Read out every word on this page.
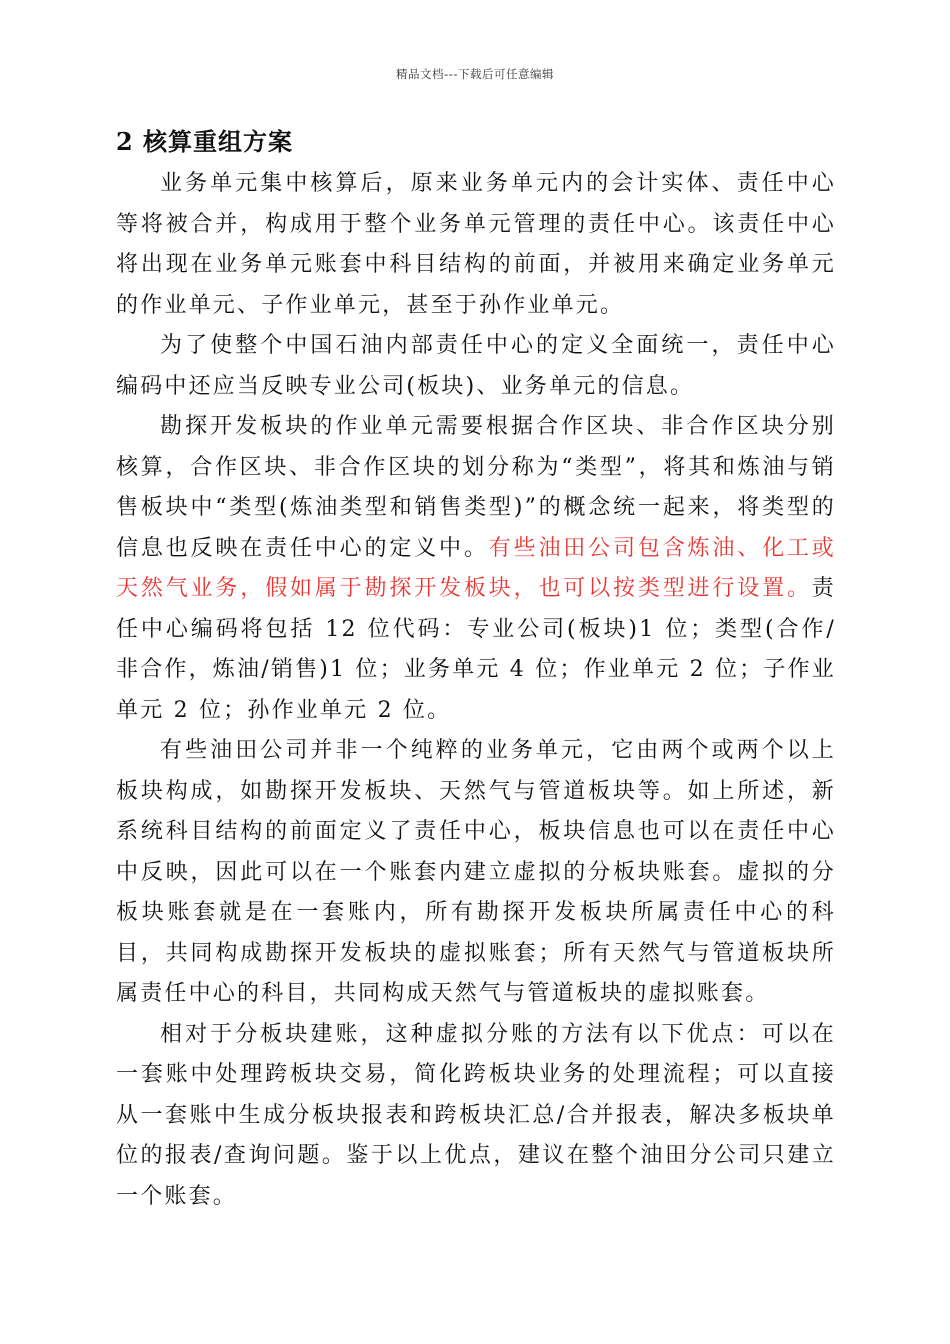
精品文档---下载后可任意编辑
2 核算重组方案

业务单元集中核算后，原来业务单元内的会计实体、责任中心等将被合并，构成用于整个业务单元管理的责任中心。该责任中心将出现在业务单元账套中科目结构的前面，并被用来确定业务单元的作业单元、子作业单元，甚至于孙作业单元。

为了使整个中国石油内部责任中心的定义全面统一，责任中心编码中还应当反映专业公司(板块)、业务单元的信息。

勘探开发板块的作业单元需要根据合作区块、非合作区块分别核算，合作区块、非合作区块的划分称为“类型”，将其和炼油与销售板块中“类型(炼油类型和销售类型)”的概念统一起来，将类型的信息也反映在责任中心的定义中。有些油田公司包含炼油、化工或天然气业务，假如属于勘探开发板块，也可以按类型进行设置。责任中心编码将包括 12 位代码：专业公司(板块)1 位；类型(合作/非合作，炼油/销售)1 位；业务单元 4 位；作业单元 2 位；子作业单元 2 位；孙作业单元 2 位。

有些油田公司并非一个纯粹的业务单元，它由两个或两个以上板块构成，如勘探开发板块、天然气与管道板块等。如上所述，新系统科目结构的前面定义了责任中心，板块信息也可以在责任中心中反映，因此可以在一个账套内建立虚拟的分板块账套。虚拟的分板块账套就是在一套账内，所有勘探开发板块所属责任中心的科目，共同构成勘探开发板块的虚拟账套；所有天然气与管道板块所属责任中心的科目，共同构成天然气与管道板块的虚拟账套。

相对于分板块建账，这种虚拟分账的方法有以下优点：可以在一套账中处理跨板块交易，简化跨板块业务的处理流程；可以直接从一套账中生成分板块报表和跨板块汇总/合并报表，解决多板块单位的报表/查询问题。鉴于以上优点，建议在整个油田分公司只建立一个账套。
